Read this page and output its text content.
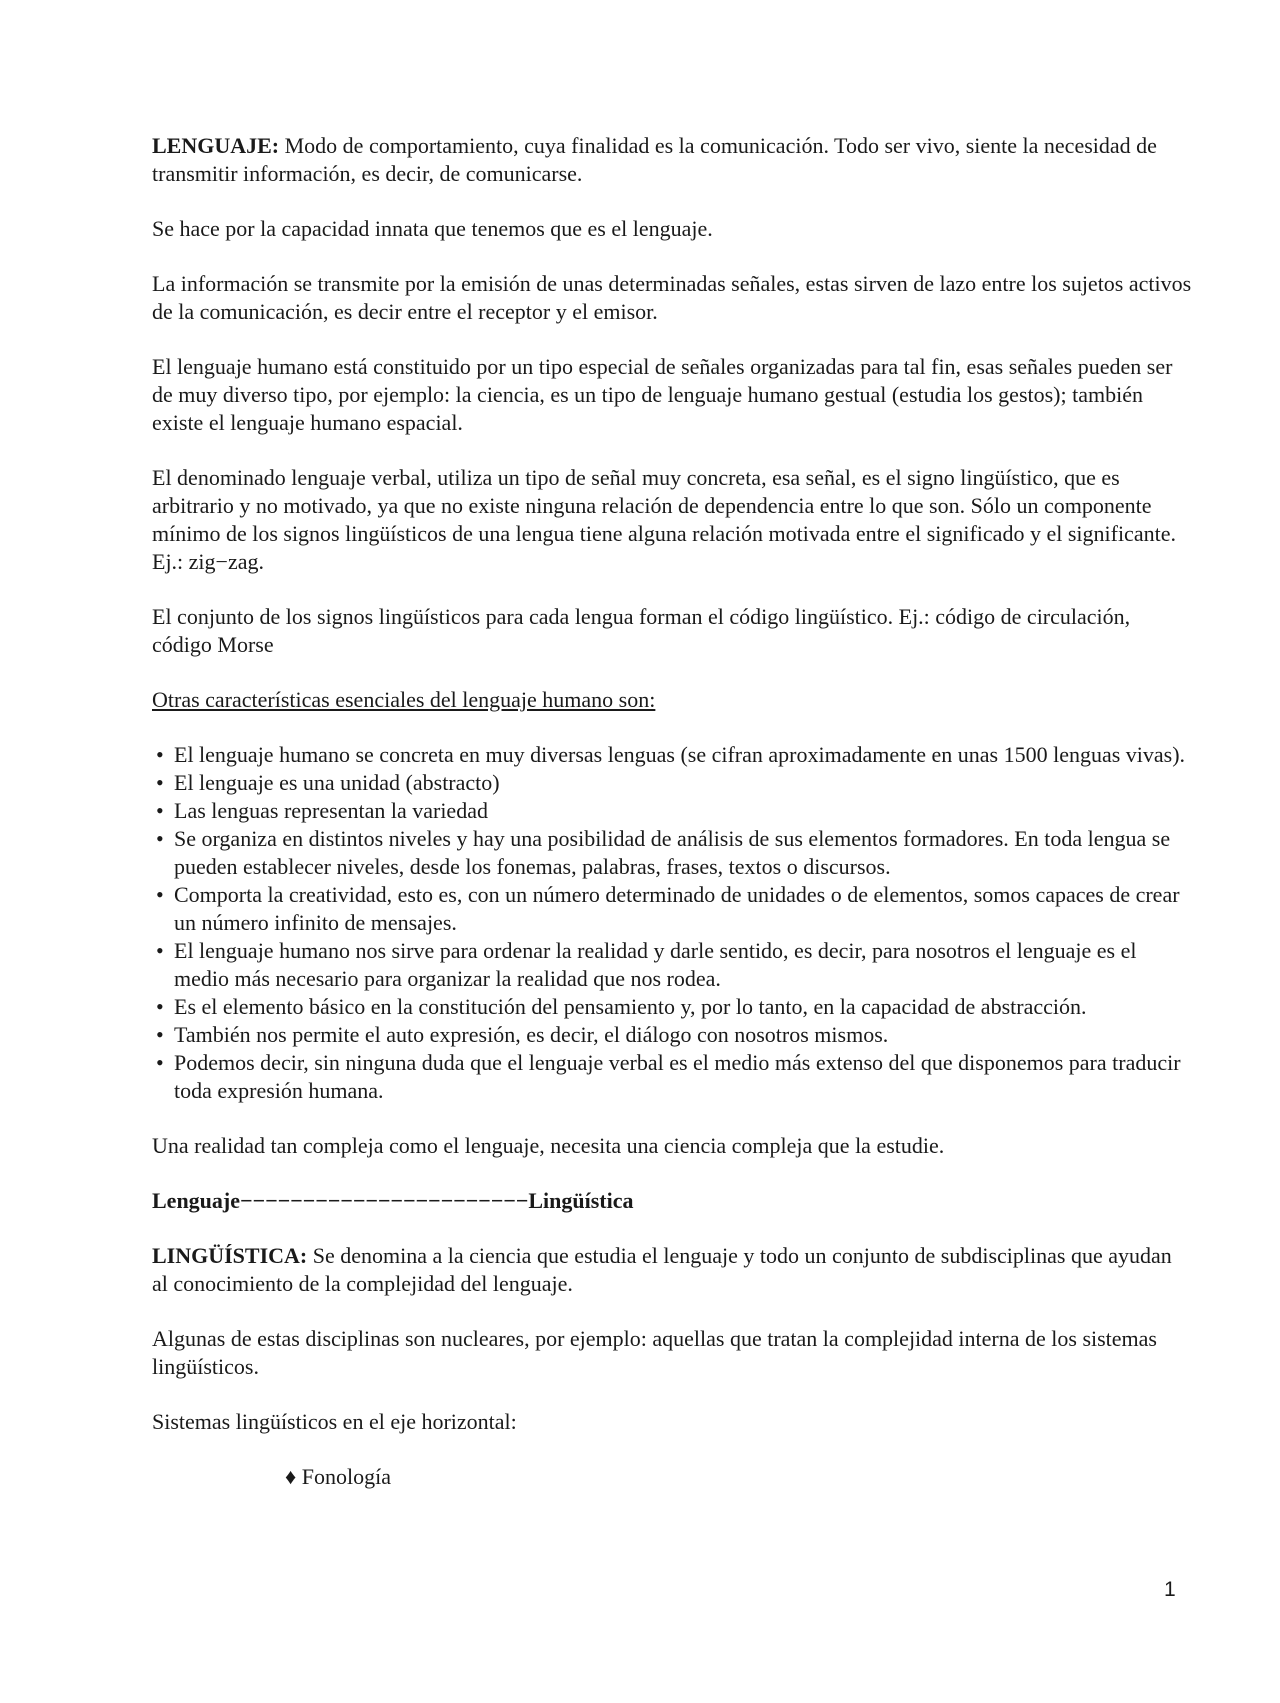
LENGUAJE: Modo de comportamiento, cuya finalidad es la comunicación. Todo ser vivo, siente la necesidad de transmitir información, es decir, de comunicarse.

Se hace por la capacidad innata que tenemos que es el lenguaje.

La información se transmite por la emisión de unas determinadas señales, estas sirven de lazo entre los sujetos activos de la comunicación, es decir entre el receptor y el emisor.

El lenguaje humano está constituido por un tipo especial de señales organizadas para tal fin, esas señales pueden ser de muy diverso tipo, por ejemplo: la ciencia, es un tipo de lenguaje humano gestual (estudia los gestos); también existe el lenguaje humano espacial.

El denominado lenguaje verbal, utiliza un tipo de señal muy concreta, esa señal, es el signo lingüístico, que es arbitrario y no motivado, ya que no existe ninguna relación de dependencia entre lo que son. Sólo un componente mínimo de los signos lingüísticos de una lengua tiene alguna relación motivada entre el significado y el significante. Ej.: zig−zag.

El conjunto de los signos lingüísticos para cada lengua forman el código lingüístico. Ej.: código de circulación, código Morse

Otras características esenciales del lenguaje humano son:

• El lenguaje humano se concreta en muy diversas lenguas (se cifran aproximadamente en unas 1500 lenguas vivas).
• El lenguaje es una unidad (abstracto)
• Las lenguas representan la variedad
• Se organiza en distintos niveles y hay una posibilidad de análisis de sus elementos formadores. En toda lengua se pueden establecer niveles, desde los fonemas, palabras, frases, textos o discursos.
• Comporta la creatividad, esto es, con un número determinado de unidades o de elementos, somos capaces de crear un número infinito de mensajes.
• El lenguaje humano nos sirve para ordenar la realidad y darle sentido, es decir, para nosotros el lenguaje es el medio más necesario para organizar la realidad que nos rodea.
• Es el elemento básico en la constitución del pensamiento y, por lo tanto, en la capacidad de abstracción.
• También nos permite el auto expresión, es decir, el diálogo con nosotros mismos.
• Podemos decir, sin ninguna duda que el lenguaje verbal es el medio más extenso del que disponemos para traducir toda expresión humana.

Una realidad tan compleja como el lenguaje, necesita una ciencia compleja que la estudie.

Lenguaje−−−−−−−−−−−−−−−−−−−−−−−Lingüística

LINGÜÍSTICA: Se denomina a la ciencia que estudia el lenguaje y todo un conjunto de subdisciplinas que ayudan al conocimiento de la complejidad del lenguaje.

Algunas de estas disciplinas son nucleares, por ejemplo: aquellas que tratan la complejidad interna de los sistemas lingüísticos.

Sistemas lingüísticos en el eje horizontal:

♦ Fonología
1
